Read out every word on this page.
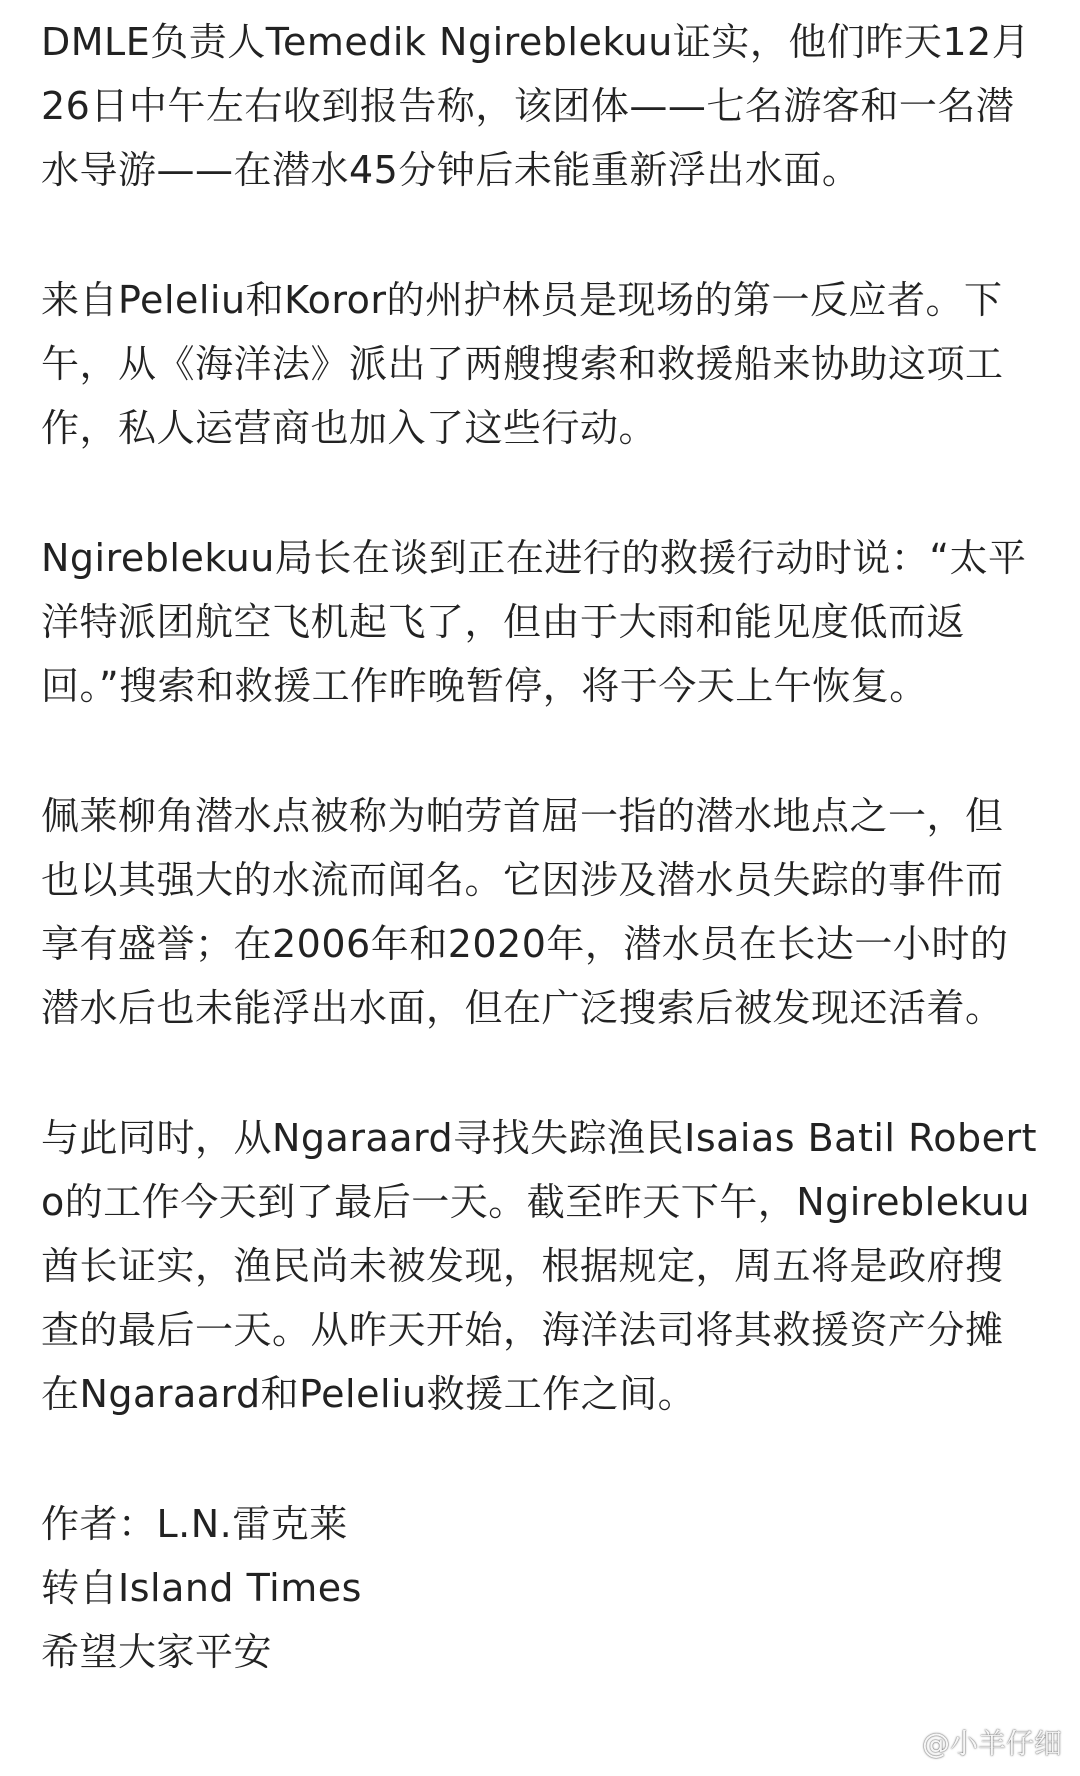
DMLE负责人Temedik Ngireblekuu证实，他们昨天12月26日中午左右收到报告称，该团体——七名游客和一名潜水导游——在潜水45分钟后未能重新浮出水面。

来自Peleliu和Koror的州护林员是现场的第一反应者。下午，从《海洋法》派出了两艘搜索和救援船来协助这项工作，私人运营商也加入了这些行动。

Ngireblekuu局长在谈到正在进行的救援行动时说：“太平洋特派团航空飞机起飞了，但由于大雨和能见度低而返回。”搜索和救援工作昨晚暂停，将于今天上午恢复。

佩莱柳角潜水点被称为帕劳首屈一指的潜水地点之一，但也以其强大的水流而闻名。它因涉及潜水员失踪的事件而享有盛誉；在2006年和2020年，潜水员在长达一小时的潜水后也未能浮出水面，但在广泛搜索后被发现还活着。

与此同时，从Ngaraard寻找失踪渔民Isaias Batil Roberto的工作今天到了最后一天。截至昨天下午，Ngireblekuu酋长证实，渔民尚未被发现，根据规定，周五将是政府搜查的最后一天。从昨天开始，海洋法司将其救援资产分摊在Ngaraard和Peleliu救援工作之间。

作者：L.N.雷克莱
转自Island Times
希望大家平安
@小羊仔细
